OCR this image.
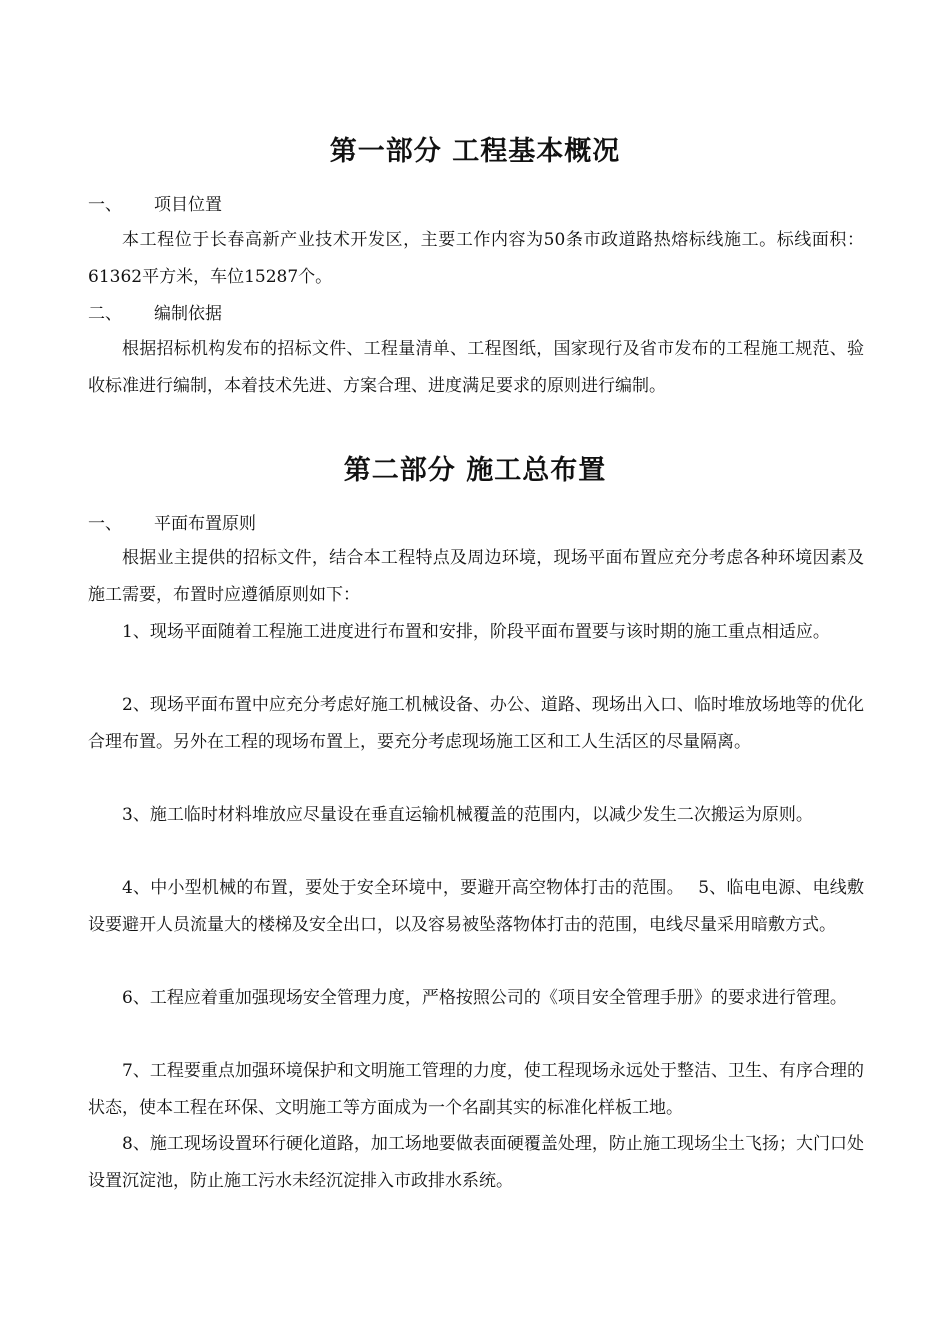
第一部分 工程基本概况
一、 项目位置
本工程位于长春高新产业技术开发区，主要工作内容为50条市政道路热熔标线施工。标线面积：61362平方米，车位15287个。
二、 编制依据
根据招标机构发布的招标文件、工程量清单、工程图纸，国家现行及省市发布的工程施工规范、验收标准进行编制，本着技术先进、方案合理、进度满足要求的原则进行编制。
第二部分 施工总布置
一、 平面布置原则
根据业主提供的招标文件，结合本工程特点及周边环境，现场平面布置应充分考虑各种环境因素及施工需要，布置时应遵循原则如下：
1、现场平面随着工程施工进度进行布置和安排，阶段平面布置要与该时期的施工重点相适应。
2、现场平面布置中应充分考虑好施工机械设备、办公、道路、现场出入口、临时堆放场地等的优化合理布置。另外在工程的现场布置上，要充分考虑现场施工区和工人生活区的尽量隔离。
3、施工临时材料堆放应尽量设在垂直运输机械覆盖的范围内，以减少发生二次搬运为原则。
4、中小型机械的布置，要处于安全环境中，要避开高空物体打击的范围。　 5、临电电源、电线敷设要避开人员流量大的楼梯及安全出口，以及容易被坠落物体打击的范围，电线尽量采用暗敷方式。
6、工程应着重加强现场安全管理力度，严格按照公司的《项目安全管理手册》的要求进行管理。
7、工程要重点加强环境保护和文明施工管理的力度，使工程现场永远处于整洁、卫生、有序合理的状态，使本工程在环保、文明施工等方面成为一个名副其实的标准化样板工地。
8、施工现场设置环行硬化道路，加工场地要做表面硬覆盖处理，防止施工现场尘土飞扬；大门口处设置沉淀池，防止施工污水未经沉淀排入市政排水系统。
